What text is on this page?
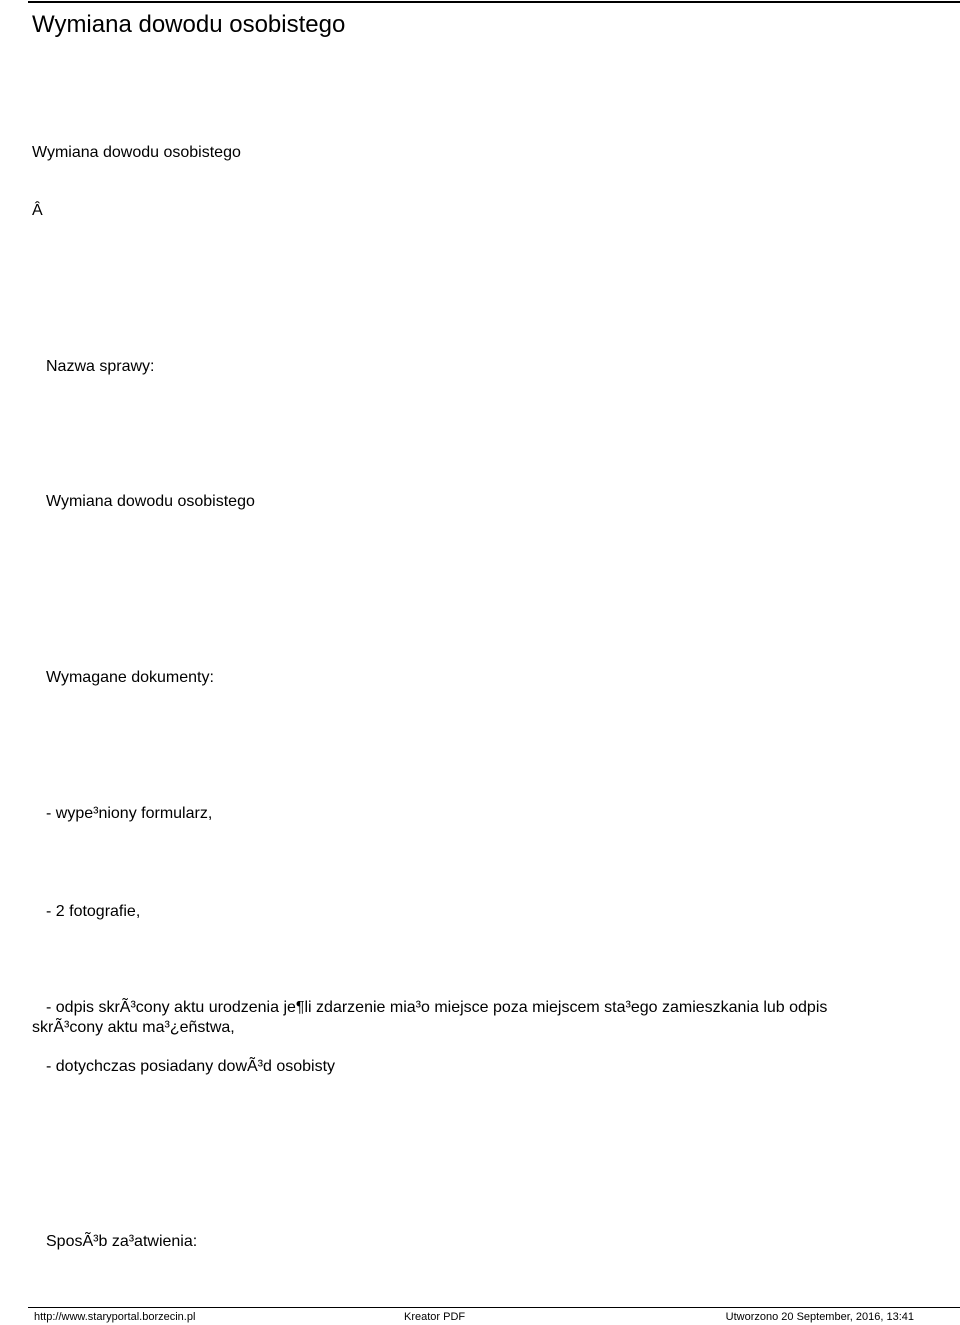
Wymiana dowodu osobistego
Wymiana dowodu osobistego
Â
Nazwa sprawy:
Wymiana dowodu osobistego
Wymagane dokumenty:
- wype³niony formularz,
- 2 fotografie,
- odpis skrÃ³cony aktu urodzenia je¶li zdarzenie mia³o miejsce poza miejscem sta³ego zamieszkania lub odpis skrÃ³cony aktu ma³¿eñstwa,
- dotychczas posiadany dowÃ³d osobisty
SposÃ³b za³atwienia:
http://www.staryportal.borzecin.pl	Kreator PDF	Utworzono 20 September, 2016, 13:41
